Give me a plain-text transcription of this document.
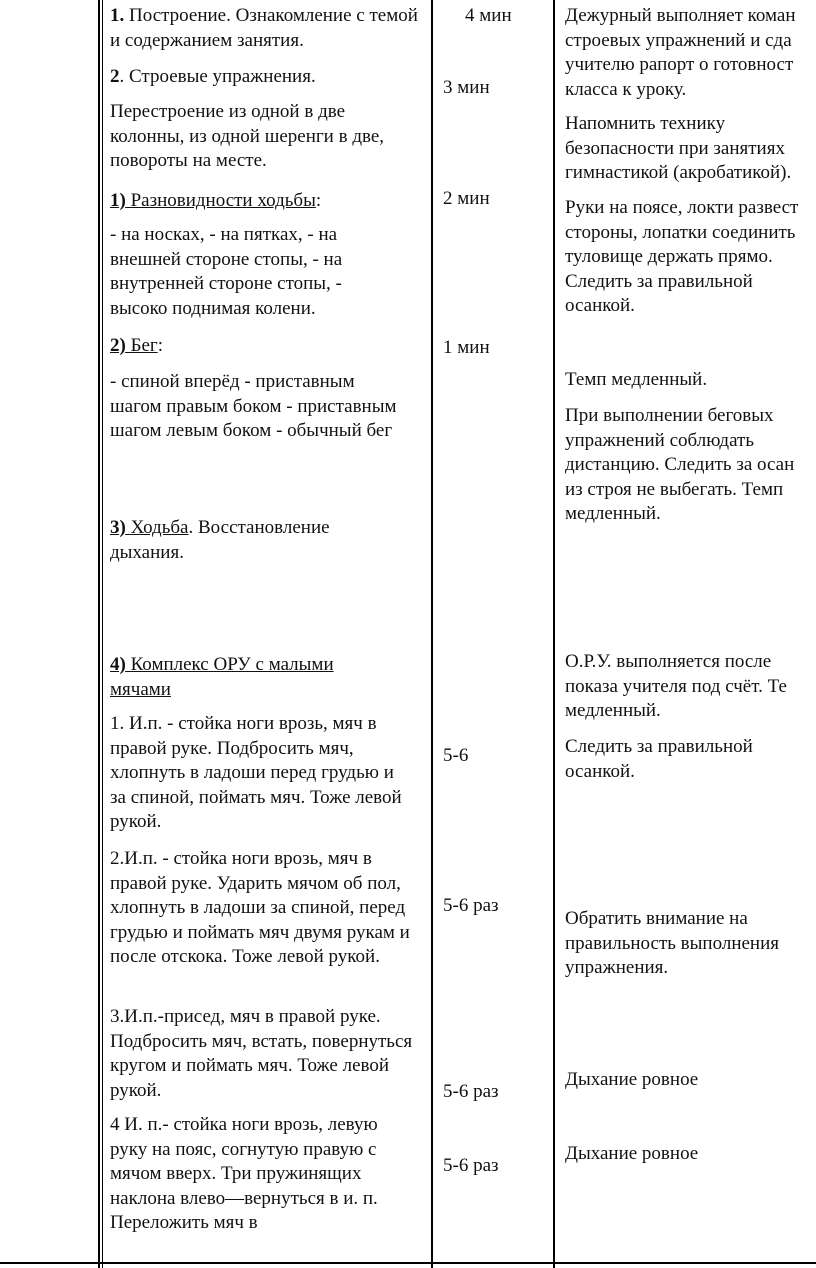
1. Построение. Ознакомление с темой и содержанием занятия.

2. Строевые упражнения.

Перестроение из одной в две колонны, из одной шеренги в две, повороты на месте.

1) Разновидности ходьбы:

- на носках, - на пятках, - на внешней стороне стопы, - на внутренней стороне стопы, - высоко поднимая колени.

2) Бег:

- спиной вперёд - приставным шагом правым боком - приставным шагом левым боком - обычный бег

3) Ходьба. Восстановление дыхания.

4) Комплекс ОРУ с малыми мячами

1. И.п. - стойка ноги врозь, мяч в правой руке. Подбросить мяч, хлопнуть в ладоши перед грудью и за спиной, поймать мяч. Тоже левой рукой.

2.И.п. - стойка ноги врозь, мяч в правой руке. Ударить мячом об пол, хлопнуть в ладоши за спиной, перед грудью и поймать мяч двумя рукам и после отскока. Тоже левой рукой.

3.И.п.-присед, мяч в правой руке. Подбросить мяч, встать, повернуться кругом и поймать мяч. Тоже левой рукой.

4 И. п.- стойка ноги врозь, левую руку на пояс, согнутую правую с мячом вверх. Три пружинящих наклона влево—вернуться в и. п. Переложить мяч в

4 мин

3 мин

2 мин

1 мин

5-6

5-6 раз

5-6 раз

5-6 раз

Дежурный выполняет коман
строевых упражнений и сда
учителю рапорт о готовност
класса к уроку.

Напомнить технику
безопасности при занятиях
гимнастикой (акробатикой).

Руки на поясе, локти развест
стороны, лопатки соединить
туловище держать прямо.
Следить за правильной
осанкой.

Темп медленный.

При выполнении беговых
упражнений соблюдать
дистанцию. Следить за осан
из строя не выбегать. Темп
медленный.

О.Р.У. выполняется после
показа учителя под счёт. Те
медленный.

Следить за правильной
осанкой.

Обратить внимание на
правильность выполнения
упражнения.

Дыхание ровное

Дыхание ровное
